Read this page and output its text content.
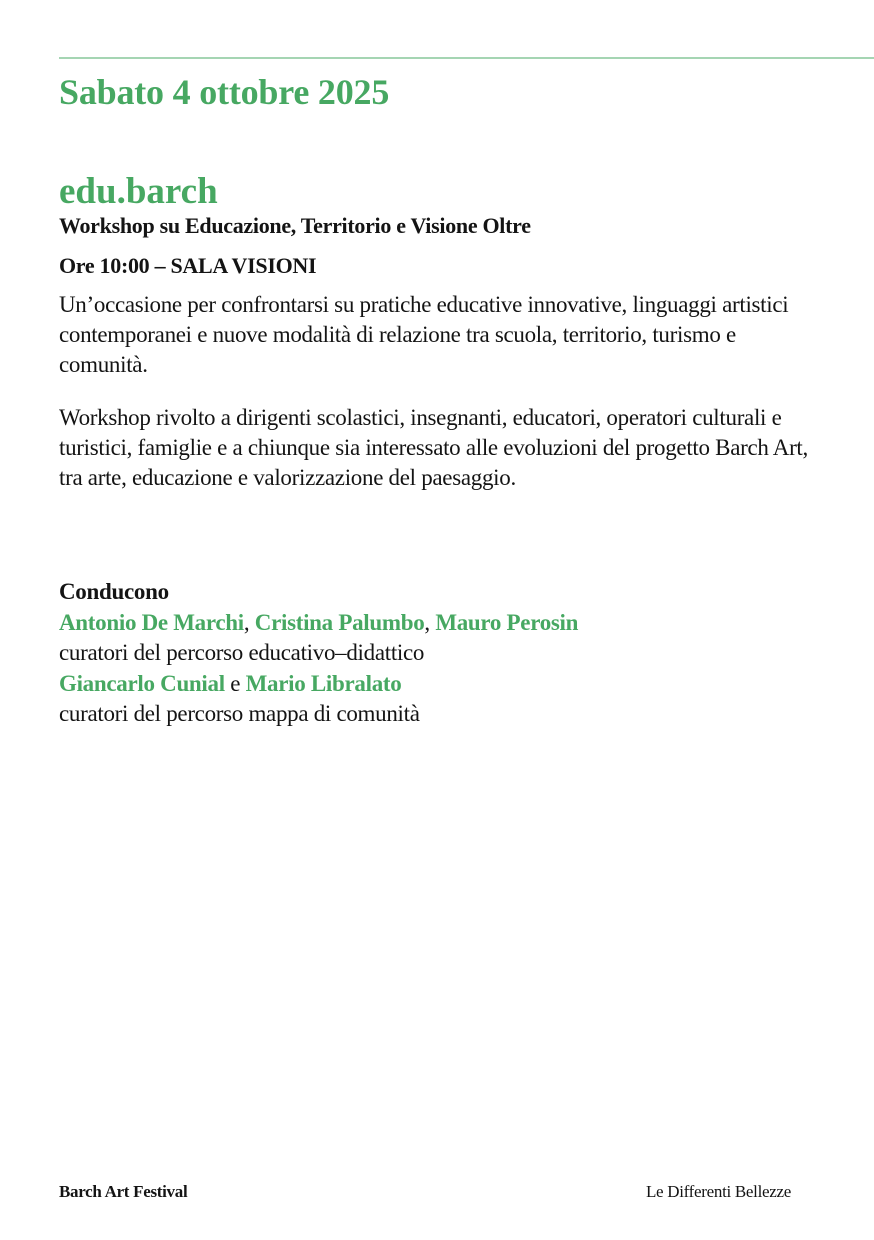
Sabato 4 ottobre 2025
edu.barch

Workshop su Educazione, Territorio e Visione Oltre

Ore 10:00 – SALA VISIONI

Un’occasione per confrontarsi su pratiche educative innovative, linguaggi artistici contemporanei e nuove modalità di relazione tra scuola, territorio, turismo e comunità.

Workshop rivolto a dirigenti scolastici, insegnanti, educatori, operatori culturali e turistici, famiglie e a chiunque sia interessato alle evoluzioni del progetto Barch Art, tra arte, educazione e valorizzazione del paesaggio.

Conducono
Antonio De Marchi, Cristina Palumbo, Mauro Perosin
curatori del percorso educativo–didattico
Giancarlo Cunial e Mario Libralato
curatori del percorso mappa di comunità
Barch Art Festival	Le Differenti Bellezze
